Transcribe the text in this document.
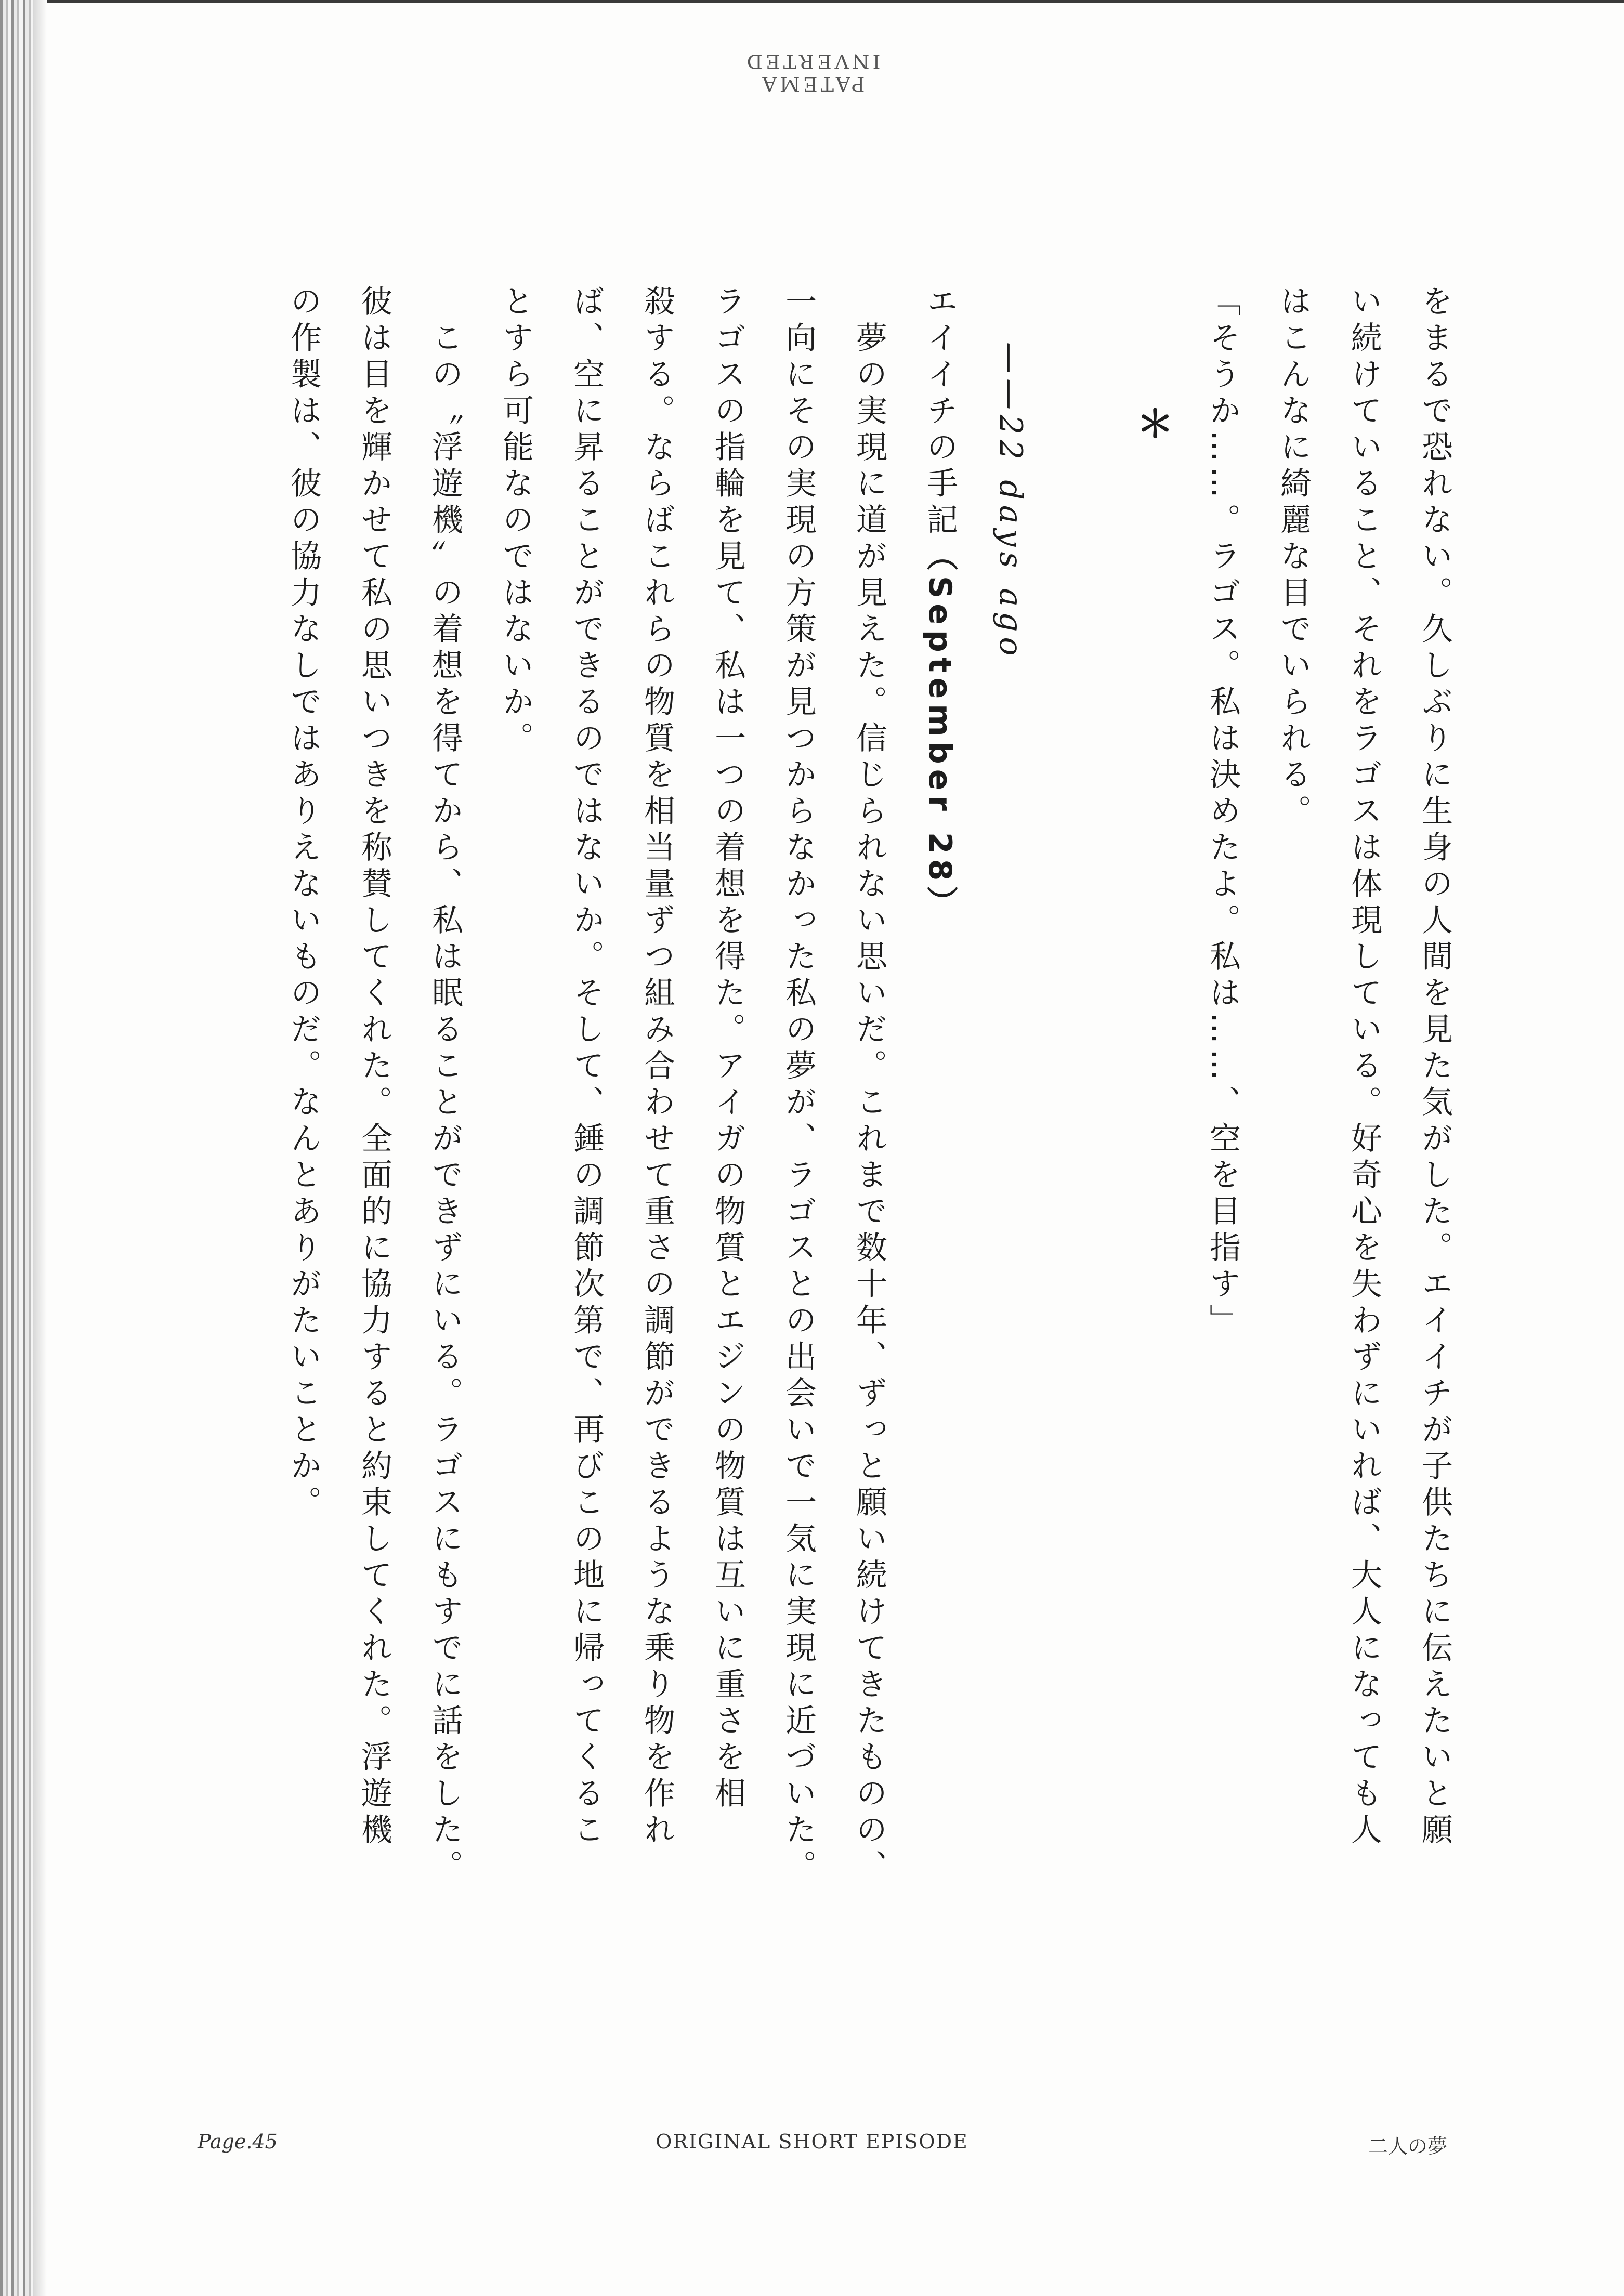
PATEMA INVERTED

をまるで恐れない。久しぶりに生身の人間を見た気がした。エイイチが子供たちに伝えたいと願

い続けていること、それをラゴスは体現している。好奇心を失わずにいれば、大人になっても人

はこんなに綺麗な目でいられる。

「そうか……。ラゴス。私は決めたよ。私は……、空を目指す」

＊

——22 days ago

エイイチの手記（September 28）

　夢の実現に道が見えた。信じられない思いだ。これまで数十年、ずっと願い続けてきたものの、

一向にその実現の方策が見つからなかった私の夢が、ラゴスとの出会いで一気に実現に近づいた。

ラゴスの指輪を見て、私は一つの着想を得た。アイガの物質とエジンの物質は互いに重さを相

殺する。ならばこれらの物質を相当量ずつ組み合わせて重さの調節ができるような乗り物を作れ

ば、空に昇ることができるのではないか。そして、錘の調節次第で、再びこの地に帰ってくるこ

とすら可能なのではないか。

　この〝浮遊機〟の着想を得てから、私は眠ることができずにいる。ラゴスにもすでに話をした。

彼は目を輝かせて私の思いつきを称賛してくれた。全面的に協力すると約束してくれた。浮遊機

の作製は、彼の協力なしではありえないものだ。なんとありがたいことか。

Page.45	ORIGINAL SHORT EPISODE	二人の夢
